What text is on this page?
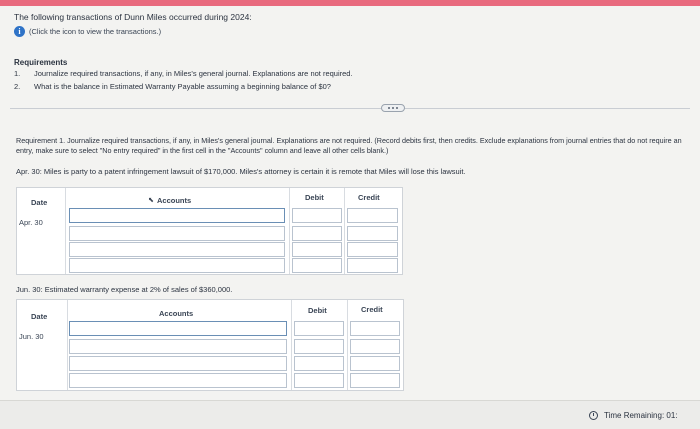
The following transactions of Dunn Miles occurred during 2024:
i	(Click the icon to view the transactions.)
Requirements
1. Journalize required transactions, if any, in Miles's general journal. Explanations are not required.
2. What is the balance in Estimated Warranty Payable assuming a beginning balance of $0?
Requirement 1. Journalize required transactions, if any, in Miles's general journal. Explanations are not required. (Record debits first, then credits. Exclude explanations from journal entries that do not require an entry, make sure to select "No entry required" in the first cell in the "Accounts" column and leave all other cells blank.)
Apr. 30: Miles is party to a patent infringement lawsuit of $170,000. Miles's attorney is certain it is remote that Miles will lose this lawsuit.
Date	⬉ Accounts	Debit	Credit
Apr. 30
Jun. 30: Estimated warranty expense at 2% of sales of $360,000.
Date	Accounts	Debit	Credit
Jun. 30
Time Remaining: 01:
